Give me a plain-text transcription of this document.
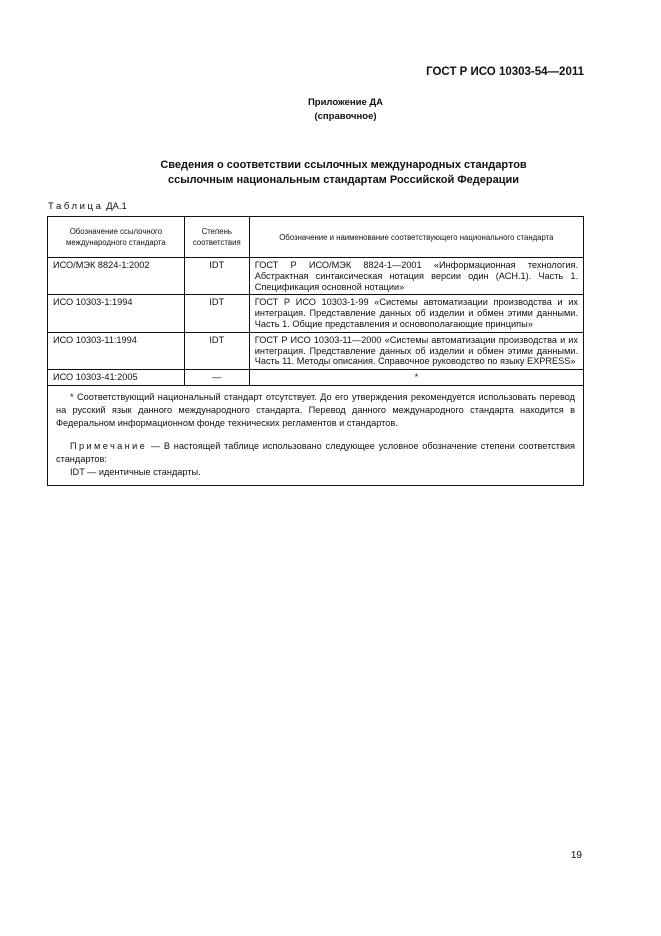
ГОСТ Р ИСО 10303-54—2011
Приложение ДА
(справочное)
Сведения о соответствии ссылочных международных стандартов
ссылочным национальным стандартам Российской Федерации
Таблица ДА.1
Обозначение ссылочного международного стандарта	Степень соответствия	Обозначение и наименование соответствующего национального стандарта
ИСО/МЭК 8824-1:2002	IDT	ГОСТ Р ИСО/МЭК 8824-1—2001 «Информационная технология. Абстрактная синтаксическая нотация версии один (АСН.1). Часть 1. Спецификация основной нотации»
ИСО 10303-1:1994	IDT	ГОСТ Р ИСО 10303-1-99 «Системы автоматизации производства и их интеграция. Представление данных об изделии и обмен этими данными. Часть 1. Общие представления и основополагающие принципы»
ИСО 10303-11:1994	IDT	ГОСТ Р ИСО 10303-11—2000 «Системы автоматизации производства и их интеграция. Представление данных об изделии и обмен этими данными. Часть 11. Методы описания. Справочное руководство по языку EXPRESS»
ИСО 10303-41:2005	—	*

* Соответствующий национальный стандарт отсутствует. До его утверждения рекомендуется использовать перевод на русский язык данного международного стандарта. Перевод данного международного стандарта находится в Федеральном информационном фонде технических регламентов и стандартов.

Примечание — В настоящей таблице использовано следующее условное обозначение степени соответствия стандартов:

IDT — идентичные стандарты.		

19
